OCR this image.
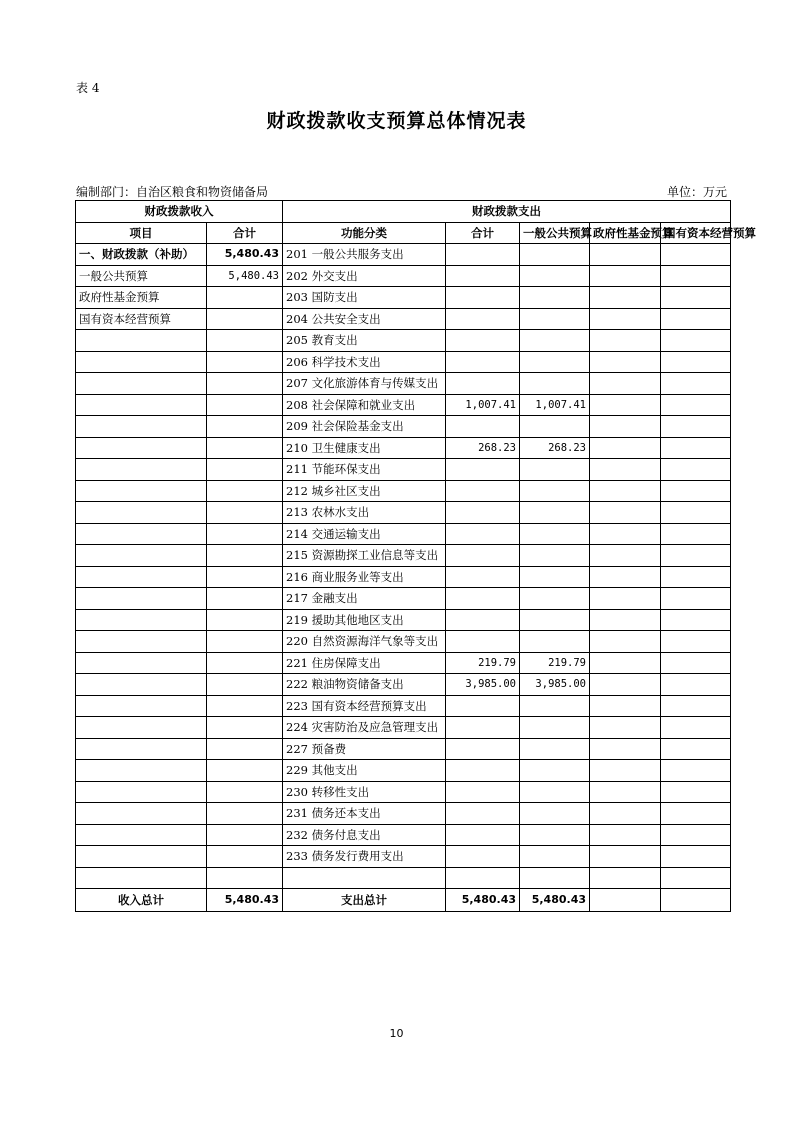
表 4
财政拨款收支预算总体情况表
编制部门：自治区粮食和物资储备局	单位：万元
财政拨款收入		财政拨款支出				
项目	合计	功能分类	合计	一般公共预算	政府性基金预算	国有资本经营预算
一、财政拨款（补助）	5,480.43	201 一般公共服务支出				
一般公共预算	5,480.43	202 外交支出				
政府性基金预算		203 国防支出				
国有资本经营预算		204 公共安全支出				
		205 教育支出				
		206 科学技术支出				
		207 文化旅游体育与传媒支出				
		208 社会保障和就业支出	1,007.41	1,007.41		
		209 社会保险基金支出				
		210 卫生健康支出	268.23	268.23		
		211 节能环保支出				
		212 城乡社区支出				
		213 农林水支出				
		214 交通运输支出				
		215 资源勘探工业信息等支出				
		216 商业服务业等支出				
		217 金融支出				
		219 援助其他地区支出				
		220 自然资源海洋气象等支出				
		221 住房保障支出	219.79	219.79		
		222 粮油物资储备支出	3,985.00	3,985.00		
		223 国有资本经营预算支出				
		224 灾害防治及应急管理支出				
		227 预备费				
		229 其他支出				
		230 转移性支出				
		231 债务还本支出				
		232 债务付息支出				
		233 债务发行费用支出				

收入总计	5,480.43	支出总计	5,480.43	5,480.43		
10
